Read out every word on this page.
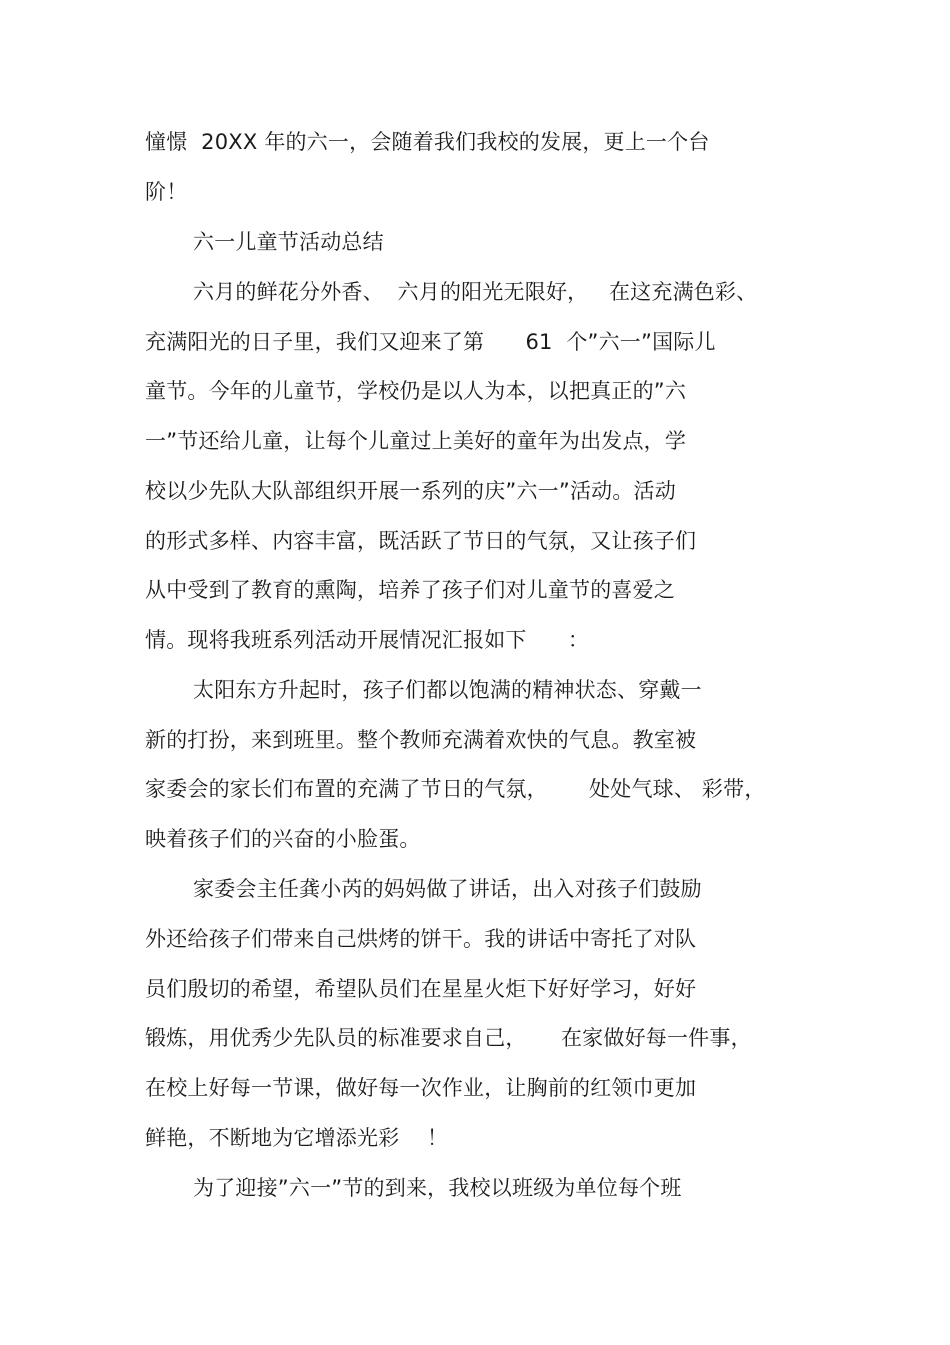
憧憬  20XX 年的六一，会随着我们我校的发展，更上一个台
阶！
六一儿童节活动总结
六月的鲜花分外香、  六月的阳光无限好，   在这充满色彩、
充满阳光的日子里，我们又迎来了第      61  个”六一”国际儿
童节。今年的儿童节，学校仍是以人为本，以把真正的”六
一”节还给儿童，让每个儿童过上美好的童年为出发点，学
校以少先队大队部组织开展一系列的庆”六一”活动。活动
的形式多样、内容丰富，既活跃了节日的气氛，又让孩子们
从中受到了教育的熏陶，培养了孩子们对儿童节的喜爱之
情。现将我班系列活动开展情况汇报如下      ：
太阳东方升起时，孩子们都以饱满的精神状态、穿戴一
新的打扮，来到班里。整个教师充满着欢快的气息。教室被
家委会的家长们布置的充满了节日的气氛，      处处气球、 彩带，
映着孩子们的兴奋的小脸蛋。
家委会主任龚小芮的妈妈做了讲话，出入对孩子们鼓励
外还给孩子们带来自己烘烤的饼干。我的讲话中寄托了对队
员们殷切的希望，希望队员们在星星火炬下好好学习，好好
锻炼，用优秀少先队员的标准要求自己，     在家做好每一件事，
在校上好每一节课，做好每一次作业，让胸前的红领巾更加
鲜艳，不断地为它增添光彩    ！
为了迎接”六一”节的到来，我校以班级为单位每个班
